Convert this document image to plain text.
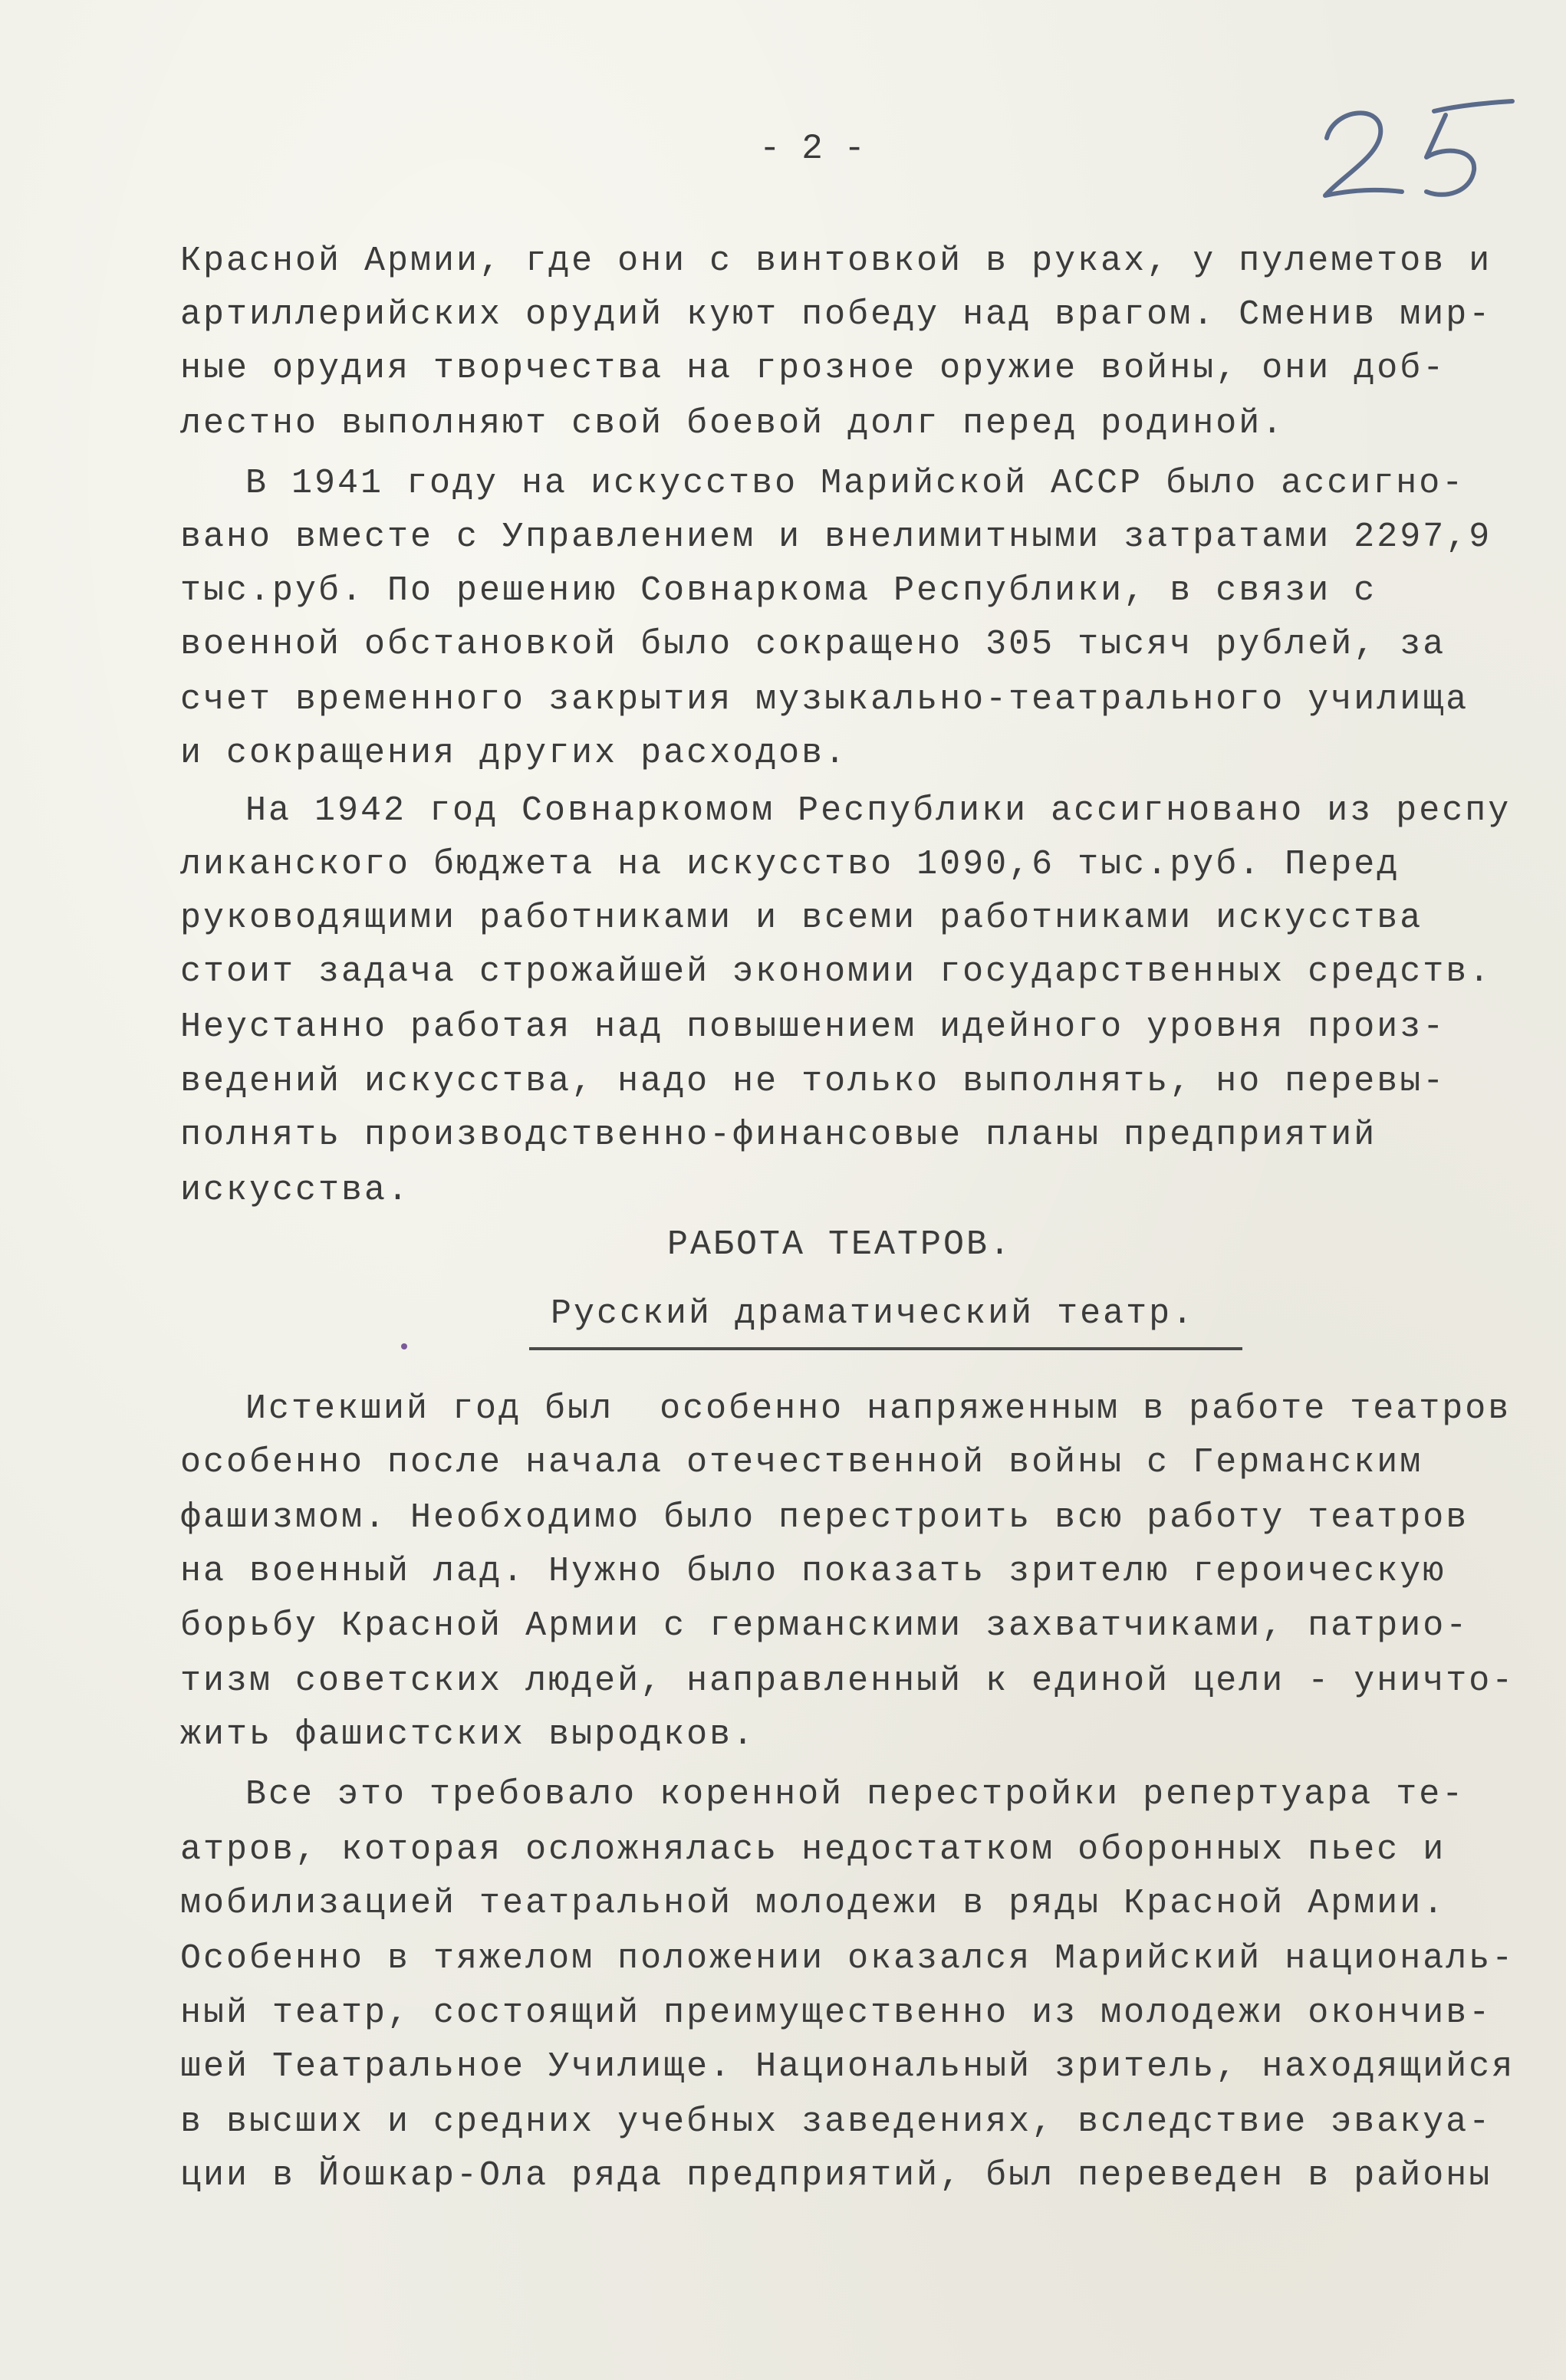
- 2 -
Красной Армии, где они с винтовкой в руках, у пулеметов и
артиллерийских орудий куют победу над врагом. Сменив мир-
ные орудия творчества на грозное оружие войны, они доб-
лестно выполняют свой боевой долг перед родиной.
В 1941 году на искусство Марийской АССР было ассигно-
вано вместе с Управлением и внелимитными затратами 2297,9
тыс.руб. По решению Совнаркома Республики, в связи с
военной обстановкой было сокращено 305 тысяч рублей, за
счет временного закрытия музыкально-театрального училища
и сокращения других расходов.
На 1942 год Совнаркомом Республики ассигновано из респу
ликанского бюджета на искусство 1090,6 тыс.руб. Перед
руководящими работниками и всеми работниками искусства
стоит задача строжайшей экономии государственных средств.
Неустанно работая над повышением идейного уровня произ-
ведений искусства, надо не только выполнять, но перевы-
полнять производственно-финансовые планы предприятий
искусства.
РАБОТА ТЕАТРОВ.
Русский драматический театр.
Истекший год был  особенно напряженным в работе театров
особенно после начала отечественной войны с Германским
фашизмом. Необходимо было перестроить всю работу театров
на военный лад. Нужно было показать зрителю героическую
борьбу Красной Армии с германскими захватчиками, патрио-
тизм советских людей, направленный к единой цели - уничто-
жить фашистских выродков.
Все это требовало коренной перестройки репертуара те-
атров, которая осложнялась недостатком оборонных пьес и
мобилизацией театральной молодежи в ряды Красной Армии.
Особенно в тяжелом положении оказался Марийский националь-
ный театр, состоящий преимущественно из молодежи окончив-
шей Театральное Училище. Национальный зритель, находящийся
в высших и средних учебных заведениях, вследствие эвакуа-
ции в Йошкар-Ола ряда предприятий, был переведен в районы
